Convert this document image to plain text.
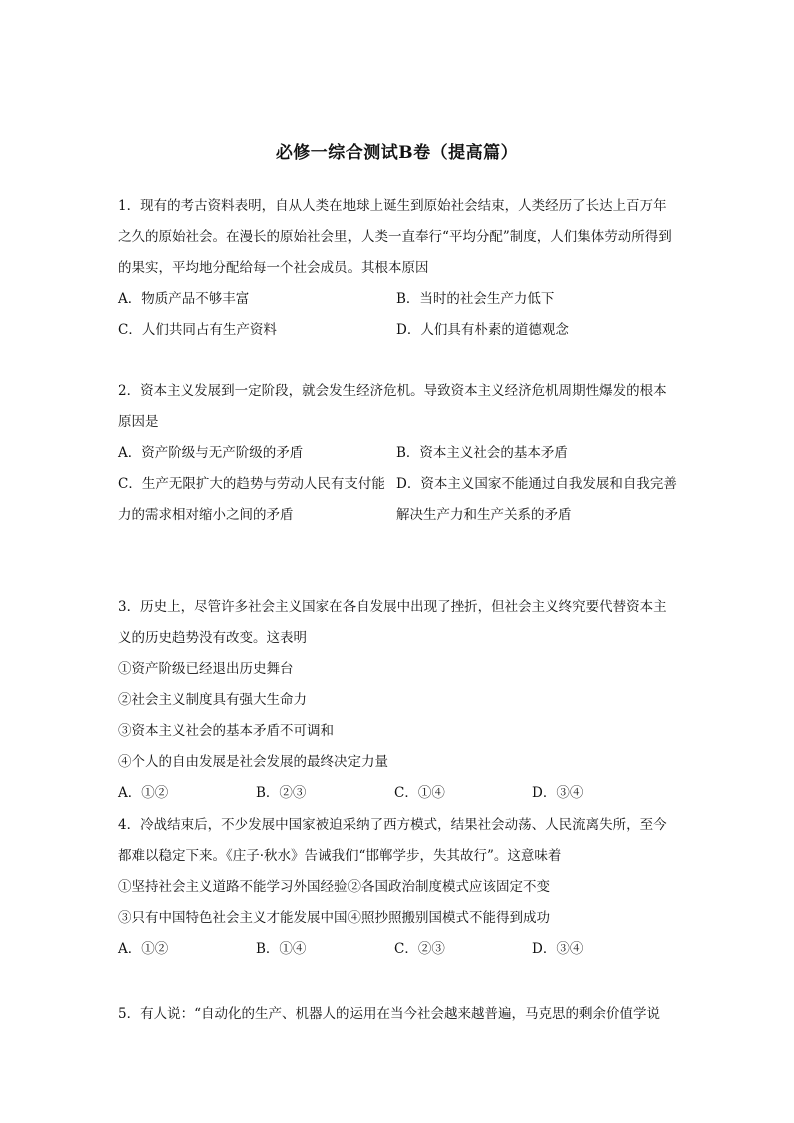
必修一综合测试B卷（提高篇）

1．现有的考古资料表明，自从人类在地球上诞生到原始社会结束，人类经历了长达上百万年之久的原始社会。在漫长的原始社会里，人类一直奉行“平均分配”制度，人们集体劳动所得到的果实，平均地分配给每一个社会成员。其根本原因

A．物质产品不够丰富	B．当时的社会生产力低下
C．人们共同占有生产资料	D．人们具有朴素的道德观念

2．资本主义发展到一定阶段，就会发生经济危机。导致资本主义经济危机周期性爆发的根本原因是

A．资产阶级与无产阶级的矛盾	B．资本主义社会的基本矛盾
C．生产无限扩大的趋势与劳动人民有支付能力的需求相对缩小之间的矛盾
D．资本主义国家不能通过自我发展和自我完善解决生产力和生产关系的矛盾

3．历史上，尽管许多社会主义国家在各自发展中出现了挫折，但社会主义终究要代替资本主义的历史趋势没有改变。这表明

①资产阶级已经退出历史舞台

②社会主义制度具有强大生命力

③资本主义社会的基本矛盾不可调和

④个人的自由发展是社会发展的最终决定力量

A．①②	B．②③	C．①④	D．③④

4．冷战结束后，不少发展中国家被迫采纳了西方模式，结果社会动荡、人民流离失所，至今都难以稳定下来。《庄子·秋水》告诫我们“邯郸学步，失其故行”。这意味着

①坚持社会主义道路不能学习外国经验②各国政治制度模式应该固定不变

③只有中国特色社会主义才能发展中国④照抄照搬别国模式不能得到成功

A．①②	B．①④	C．②③	D．③④

5．有人说：“自动化的生产、机器人的运用在当今社会越来越普遍，马克思的剩余价值学说
